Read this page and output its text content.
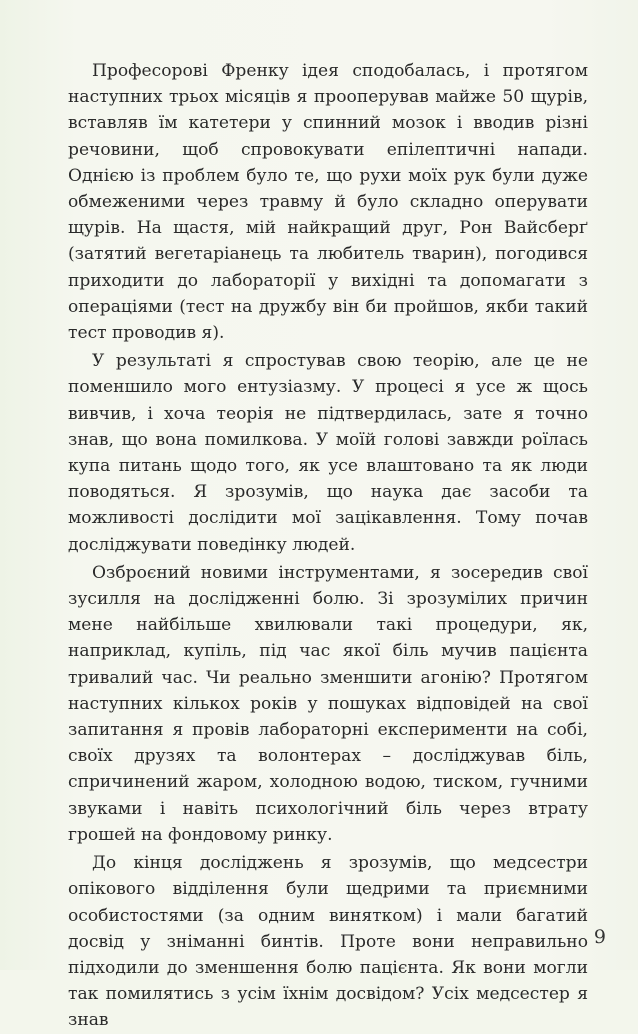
Професорові Френку ідея сподобалась, і протягом наступних трьох місяців я прооперував майже 50 щурів, вставляв їм катетери у спинний мозок і вводив різні речовини, щоб спровокувати епілептичні напади. Однією із проблем було те, що рухи моїх рук були дуже обмеженими через травму й було складно оперувати щурів. На щастя, мій найкращий друг, Рон Вайсберґ (затятий вегетаріанець та любитель тварин), погодився приходити до лабораторії у вихідні та допомагати з операціями (тест на дружбу він би пройшов, якби такий тест проводив я).

У результаті я спростував свою теорію, але це не поменшило мого ентузіазму. У процесі я усе ж щось вивчив, і хоча теорія не підтвердилась, зате я точно знав, що вона помилкова. У моїй голові завжди роїлась купа питань щодо того, як усе влаштовано та як люди поводяться. Я зрозумів, що наука дає засоби та можливості дослідити мої зацікавлення. Тому почав досліджувати поведінку людей.

Озброєний новими інструментами, я зосередив свої зусилля на дослідженні болю. Зі зрозумілих причин мене найбільше хвилювали такі процедури, як, наприклад, купіль, під час якої біль мучив пацієнта тривалий час. Чи реально зменшити агонію? Протягом наступних кількох років у пошуках відповідей на свої запитання я провів лабораторні експерименти на собі, своїх друзях та волонтерах – досліджував біль, спричинений жаром, холодною водою, тиском, гучними звуками і навіть психологічний біль через втрату грошей на фондовому ринку.

До кінця досліджень я зрозумів, що медсестри опікового відділення були щедрими та приємними особистостями (за одним винятком) і мали багатий досвід у зніманні бинтів. Проте вони неправильно підходили до зменшення болю пацієнта. Як вони могли так помилятись з усім їхнім досвідом? Усіх медсестер я знав

9
